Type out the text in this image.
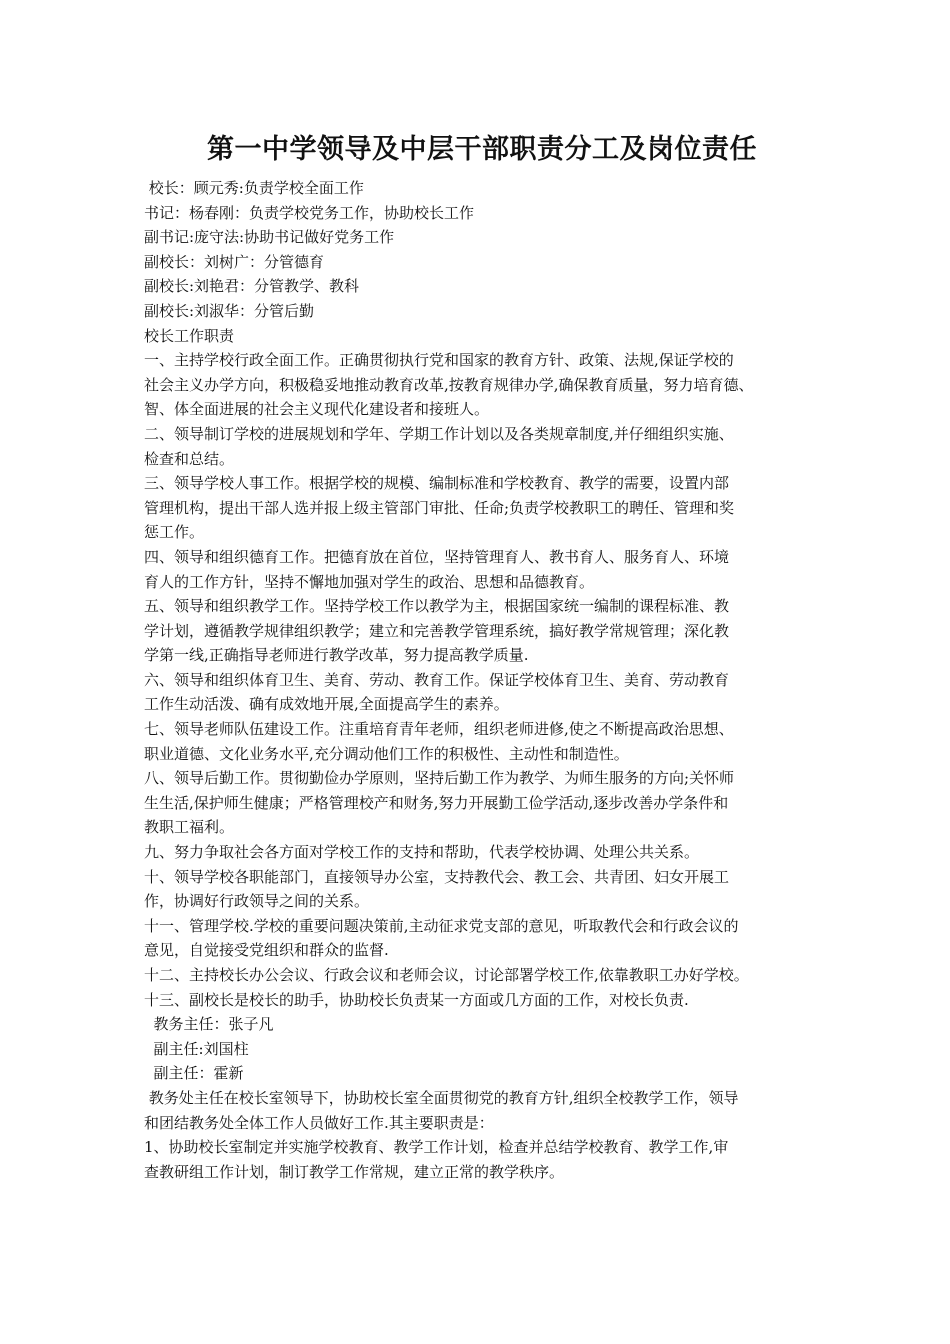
第一中学领导及中层干部职责分工及岗位责任

校长：顾元秀:负责学校全面工作

书记：杨春刚：负责学校党务工作，协助校长工作

副书记:庞守法:协助书记做好党务工作

副校长：刘树广：分管德育

副校长:刘艳君：分管教学、教科

副校长:刘淑华：分管后勤

校长工作职责

一、主持学校行政全面工作。正确贯彻执行党和国家的教育方针、政策、法规,保证学校的

社会主义办学方向，积极稳妥地推动教育改革,按教育规律办学,确保教育质量，努力培育德、

智、体全面进展的社会主义现代化建设者和接班人。

二、领导制订学校的进展规划和学年、学期工作计划以及各类规章制度,并仔细组织实施、

检查和总结。

三、领导学校人事工作。根据学校的规模、编制标准和学校教育、教学的需要，设置内部

管理机构，提出干部人选并报上级主管部门审批、任命;负责学校教职工的聘任、管理和奖

惩工作。

四、领导和组织德育工作。把德育放在首位，坚持管理育人、教书育人、服务育人、环境

育人的工作方针，坚持不懈地加强对学生的政治、思想和品德教育。

五、领导和组织教学工作。坚持学校工作以教学为主，根据国家统一编制的课程标准、教

学计划，遵循教学规律组织教学；建立和完善教学管理系统，搞好教学常规管理；深化教

学第一线,正确指导老师进行教学改革，努力提高教学质量.

六、领导和组织体育卫生、美育、劳动、教育工作。保证学校体育卫生、美育、劳动教育

工作生动活泼、确有成效地开展,全面提高学生的素养。

七、领导老师队伍建设工作。注重培育青年老师，组织老师进修,使之不断提高政治思想、

职业道德、文化业务水平,充分调动他们工作的积极性、主动性和制造性。

八、领导后勤工作。贯彻勤俭办学原则，坚持后勤工作为教学、为师生服务的方向;关怀师

生生活,保护师生健康；严格管理校产和财务,努力开展勤工俭学活动,逐步改善办学条件和

教职工福利。

九、努力争取社会各方面对学校工作的支持和帮助，代表学校协调、处理公共关系。

十、领导学校各职能部门，直接领导办公室，支持教代会、教工会、共青团、妇女开展工

作，协调好行政领导之间的关系。

十一、管理学校.学校的重要问题决策前,主动征求党支部的意见，听取教代会和行政会议的

意见，自觉接受党组织和群众的监督.

十二、主持校长办公会议、行政会议和老师会议，讨论部署学校工作,依靠教职工办好学校。

十三、副校长是校长的助手，协助校长负责某一方面或几方面的工作，对校长负责.

教务主任：张子凡

副主任:刘国柱

副主任：霍新

教务处主任在校长室领导下，协助校长室全面贯彻党的教育方针,组织全校教学工作，领导

和团结教务处全体工作人员做好工作.其主要职责是：

1、协助校长室制定并实施学校教育、教学工作计划，检查并总结学校教育、教学工作,审

查教研组工作计划，制订教学工作常规，建立正常的教学秩序。
